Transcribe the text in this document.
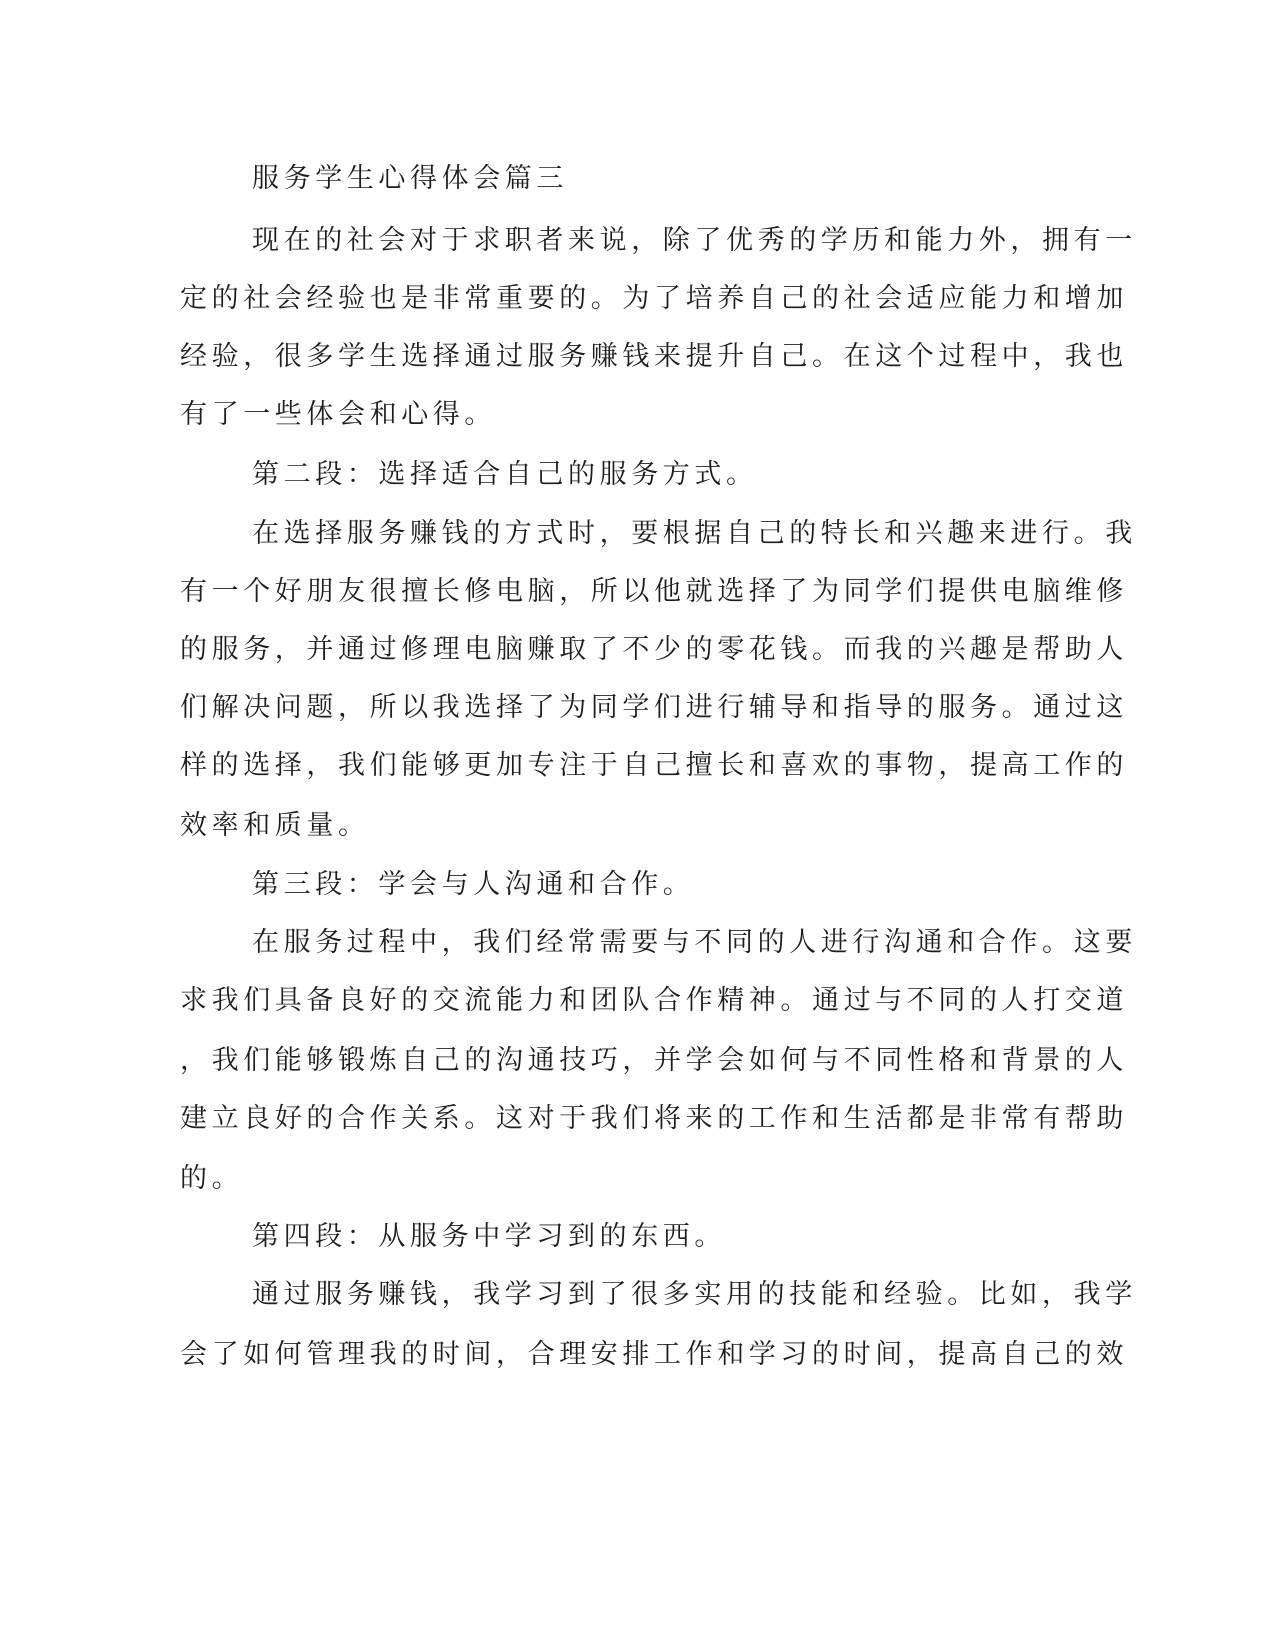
服务学生心得体会篇三
现在的社会对于求职者来说，除了优秀的学历和能力外，拥有一
定的社会经验也是非常重要的。为了培养自己的社会适应能力和增加
经验，很多学生选择通过服务赚钱来提升自己。在这个过程中，我也
有了一些体会和心得。
第二段：选择适合自己的服务方式。
在选择服务赚钱的方式时，要根据自己的特长和兴趣来进行。我
有一个好朋友很擅长修电脑，所以他就选择了为同学们提供电脑维修
的服务，并通过修理电脑赚取了不少的零花钱。而我的兴趣是帮助人
们解决问题，所以我选择了为同学们进行辅导和指导的服务。通过这
样的选择，我们能够更加专注于自己擅长和喜欢的事物，提高工作的
效率和质量。
第三段：学会与人沟通和合作。
在服务过程中，我们经常需要与不同的人进行沟通和合作。这要
求我们具备良好的交流能力和团队合作精神。通过与不同的人打交道
，我们能够锻炼自己的沟通技巧，并学会如何与不同性格和背景的人
建立良好的合作关系。这对于我们将来的工作和生活都是非常有帮助
的。
第四段：从服务中学习到的东西。
通过服务赚钱，我学习到了很多实用的技能和经验。比如，我学
会了如何管理我的时间，合理安排工作和学习的时间，提高自己的效
